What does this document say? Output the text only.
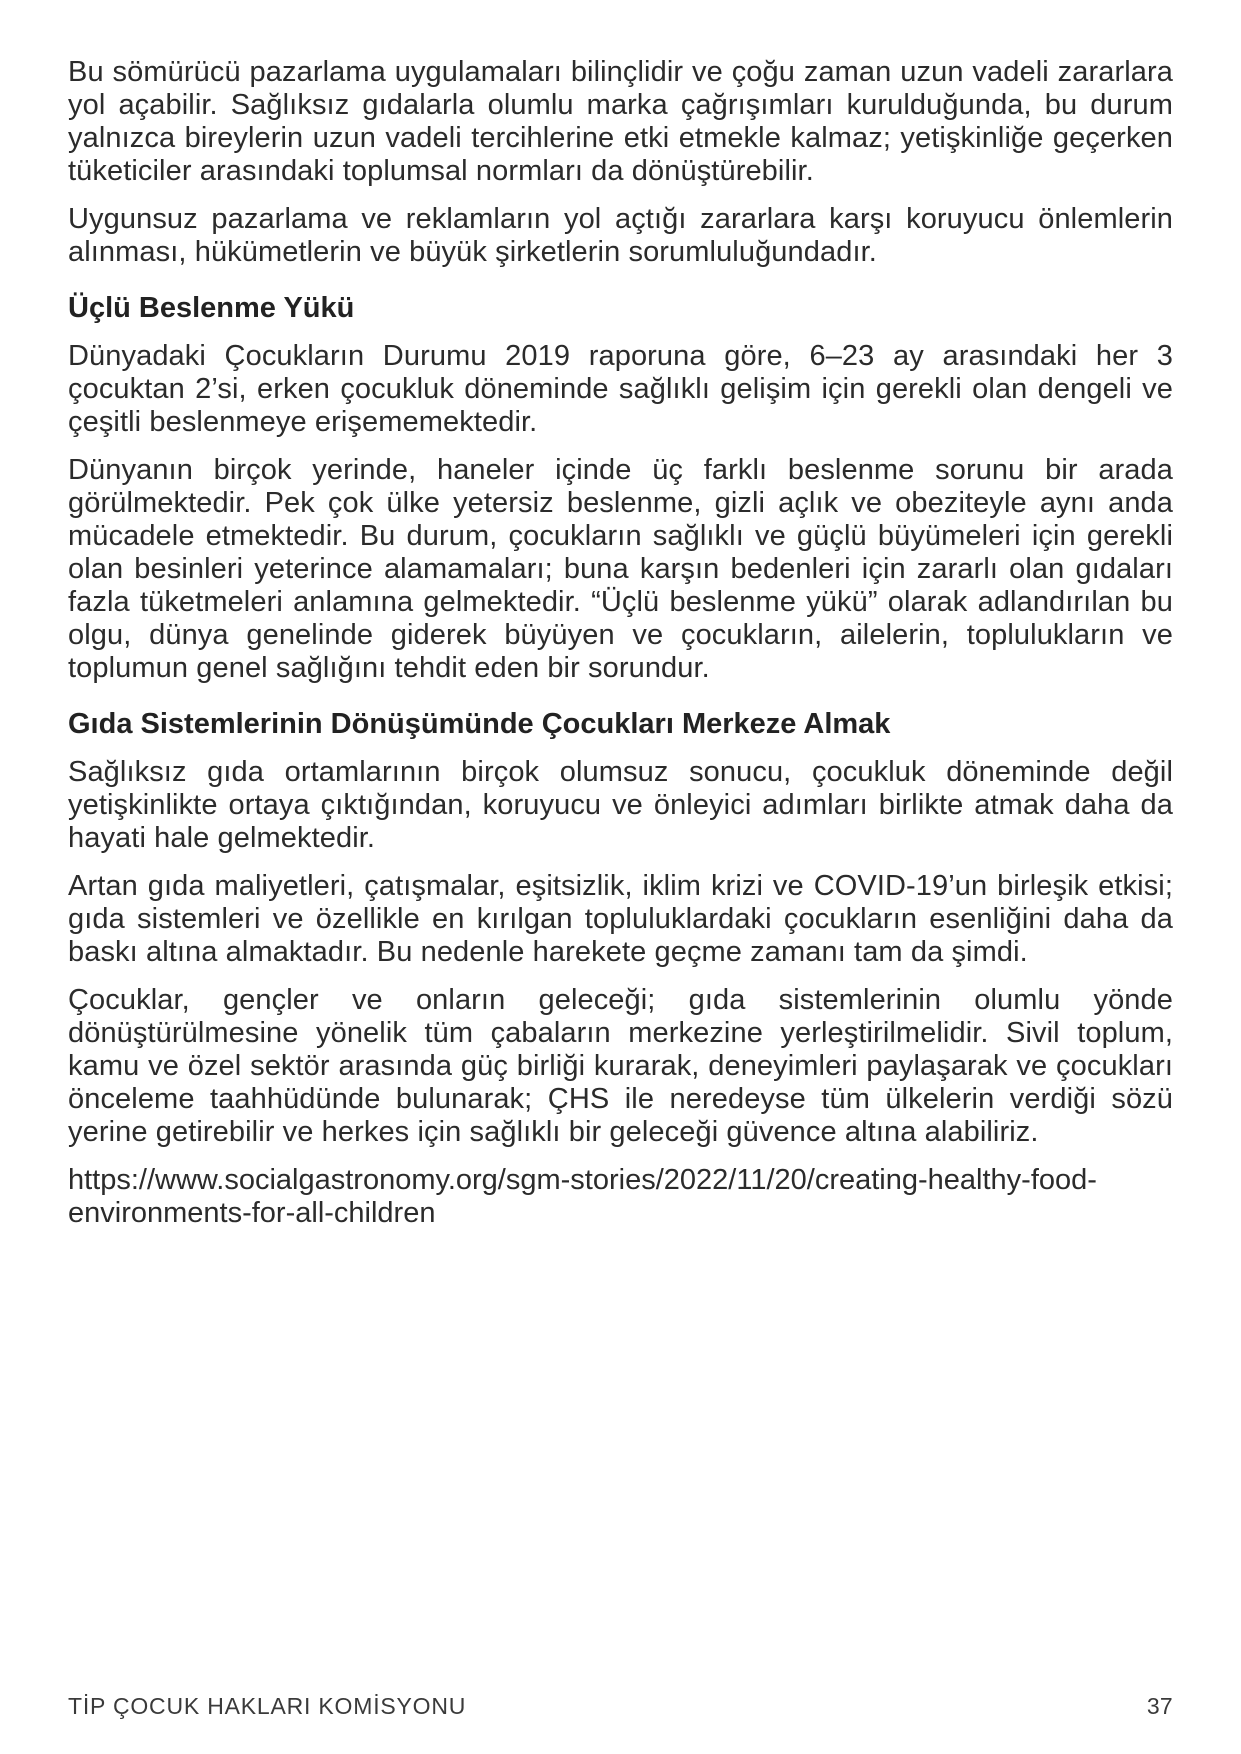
Bu sömürücü pazarlama uygulamaları bilinçlidir ve çoğu zaman uzun vadeli zararlara yol açabilir. Sağlıksız gıdalarla olumlu marka çağrışımları kurulduğunda, bu durum yalnızca bireylerin uzun vadeli tercihlerine etki etmekle kalmaz; yetişkinliğe geçerken tüketiciler arasındaki toplumsal normları da dönüştürebilir.

Uygunsuz pazarlama ve reklamların yol açtığı zararlara karşı koruyucu önlemlerin alınması, hükümetlerin ve büyük şirketlerin sorumluluğundadır.

Üçlü Beslenme Yükü

Dünyadaki Çocukların Durumu 2019 raporuna göre, 6–23 ay arasındaki her 3 çocuktan 2’si, erken çocukluk döneminde sağlıklı gelişim için gerekli olan dengeli ve çeşitli beslenmeye erişememektedir.

Dünyanın birçok yerinde, haneler içinde üç farklı beslenme sorunu bir arada görülmektedir. Pek çok ülke yetersiz beslenme, gizli açlık ve obeziteyle aynı anda mücadele etmektedir. Bu durum, çocukların sağlıklı ve güçlü büyümeleri için gerekli olan besinleri yeterince alamamaları; buna karşın bedenleri için zararlı olan gıdaları fazla tüketmeleri anlamına gelmektedir. “Üçlü beslenme yükü” olarak adlandırılan bu olgu, dünya genelinde giderek büyüyen ve çocukların, ailelerin, toplulukların ve toplumun genel sağlığını tehdit eden bir sorundur.

Gıda Sistemlerinin Dönüşümünde Çocukları Merkeze Almak

Sağlıksız gıda ortamlarının birçok olumsuz sonucu, çocukluk döneminde değil yetişkinlikte ortaya çıktığından, koruyucu ve önleyici adımları birlikte atmak daha da hayati hale gelmektedir.

Artan gıda maliyetleri, çatışmalar, eşitsizlik, iklim krizi ve COVID-19’un birleşik etkisi; gıda sistemleri ve özellikle en kırılgan topluluklardaki çocukların esenliğini daha da baskı altına almaktadır. Bu nedenle harekete geçme zamanı tam da şimdi.

Çocuklar, gençler ve onların geleceği; gıda sistemlerinin olumlu yönde dönüştürülmesine yönelik tüm çabaların merkezine yerleştirilmelidir. Sivil toplum, kamu ve özel sektör arasında güç birliği kurarak, deneyimleri paylaşarak ve çocukları önceleme taahhüdünde bulunarak; ÇHS ile neredeyse tüm ülkelerin verdiği sözü yerine getirebilir ve herkes için sağlıklı bir geleceği güvence altına alabiliriz.

https://www.socialgastronomy.org/sgm-stories/2022/11/20/creating-healthy-food-environments-for-all-children

TİP ÇOCUK HAKLARI KOMİSYONU	37
